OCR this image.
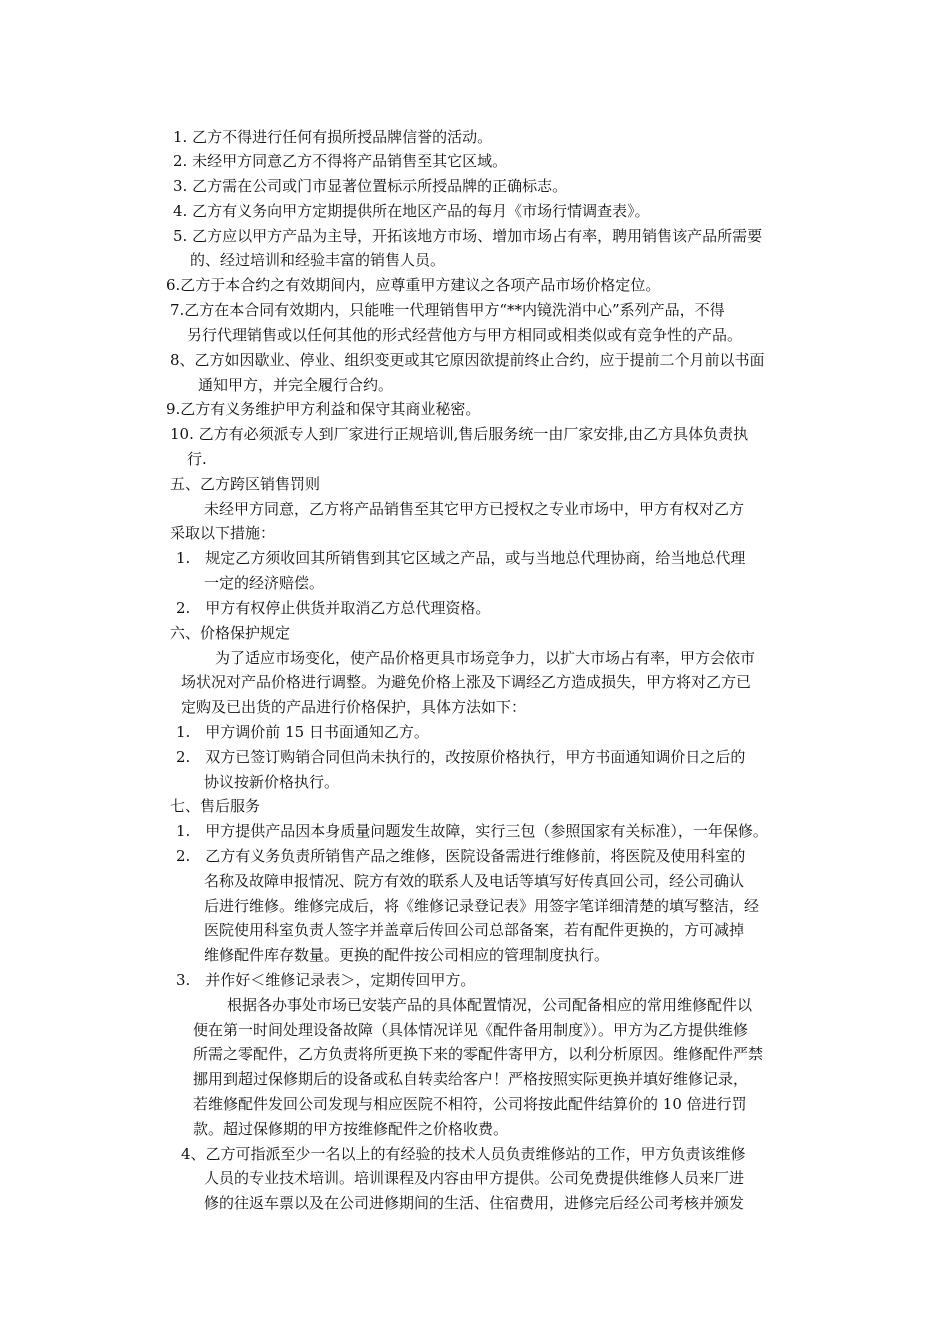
1. 乙方不得进行任何有损所授品牌信誉的活动。
2. 未经甲方同意乙方不得将产品销售至其它区域。
3. 乙方需在公司或门市显著位置标示所授品牌的正确标志。
4. 乙方有义务向甲方定期提供所在地区产品的每月《市场行情调查表》。
5. 乙方应以甲方产品为主导，开拓该地方市场、增加市场占有率，聘用销售该产品所需要
的、经过培训和经验丰富的销售人员。
6.乙方于本合约之有效期间内，应尊重甲方建议之各项产品市场价格定位。
7.乙方在本合同有效期内，只能唯一代理销售甲方“**内镜洗消中心”系列产品，不得
另行代理销售或以任何其他的形式经营他方与甲方相同或相类似或有竞争性的产品。
8、乙方如因歇业、停业、组织变更或其它原因欲提前终止合约，应于提前二个月前以书面
通知甲方，并完全履行合约。
9.乙方有义务维护甲方利益和保守其商业秘密。
10. 乙方有必须派专人到厂家进行正规培训,售后服务统一由厂家安排,由乙方具体负责执
行.
五、乙方跨区销售罚则
未经甲方同意，乙方将产品销售至其它甲方已授权之专业市场中，甲方有权对乙方
采取以下措施：
1.　规定乙方须收回其所销售到其它区域之产品，或与当地总代理协商，给当地总代理
一定的经济赔偿。
2.　甲方有权停止供货并取消乙方总代理资格。
六、价格保护规定
为了适应市场变化，使产品价格更具市场竞争力，以扩大市场占有率，甲方会依市
场状况对产品价格进行调整。为避免价格上涨及下调经乙方造成损失，甲方将对乙方已
定购及已出货的产品进行价格保护，具体方法如下：
1.　甲方调价前 15 日书面通知乙方。
2.　双方已签订购销合同但尚未执行的，改按原价格执行，甲方书面通知调价日之后的
协议按新价格执行。
七、售后服务
1.　甲方提供产品因本身质量问题发生故障，实行三包（参照国家有关标准），一年保修。
2.　乙方有义务负责所销售产品之维修，医院设备需进行维修前，将医院及使用科室的
名称及故障申报情况、院方有效的联系人及电话等填写好传真回公司，经公司确认
后进行维修。维修完成后，将《维修记录登记表》用签字笔详细清楚的填写整洁，经
医院使用科室负责人签字并盖章后传回公司总部备案，若有配件更换的，方可减掉
维修配件库存数量。更换的配件按公司相应的管理制度执行。
3.　并作好＜维修记录表＞，定期传回甲方。
根据各办事处市场已安装产品的具体配置情况，公司配备相应的常用维修配件以
便在第一时间处理设备故障（具体情况详见《配件备用制度》）。甲方为乙方提供维修
所需之零配件，乙方负责将所更换下来的零配件寄甲方，以利分析原因。维修配件严禁
挪用到超过保修期后的设备或私自转卖给客户！严格按照实际更换并填好维修记录，
若维修配件发回公司发现与相应医院不相符，公司将按此配件结算价的 10 倍进行罚
款。超过保修期的甲方按维修配件之价格收费。
4、乙方可指派至少一名以上的有经验的技术人员负责维修站的工作，甲方负责该维修
人员的专业技术培训。培训课程及内容由甲方提供。公司免费提供维修人员来厂进
修的往返车票以及在公司进修期间的生活、住宿费用，进修完后经公司考核并颁发
